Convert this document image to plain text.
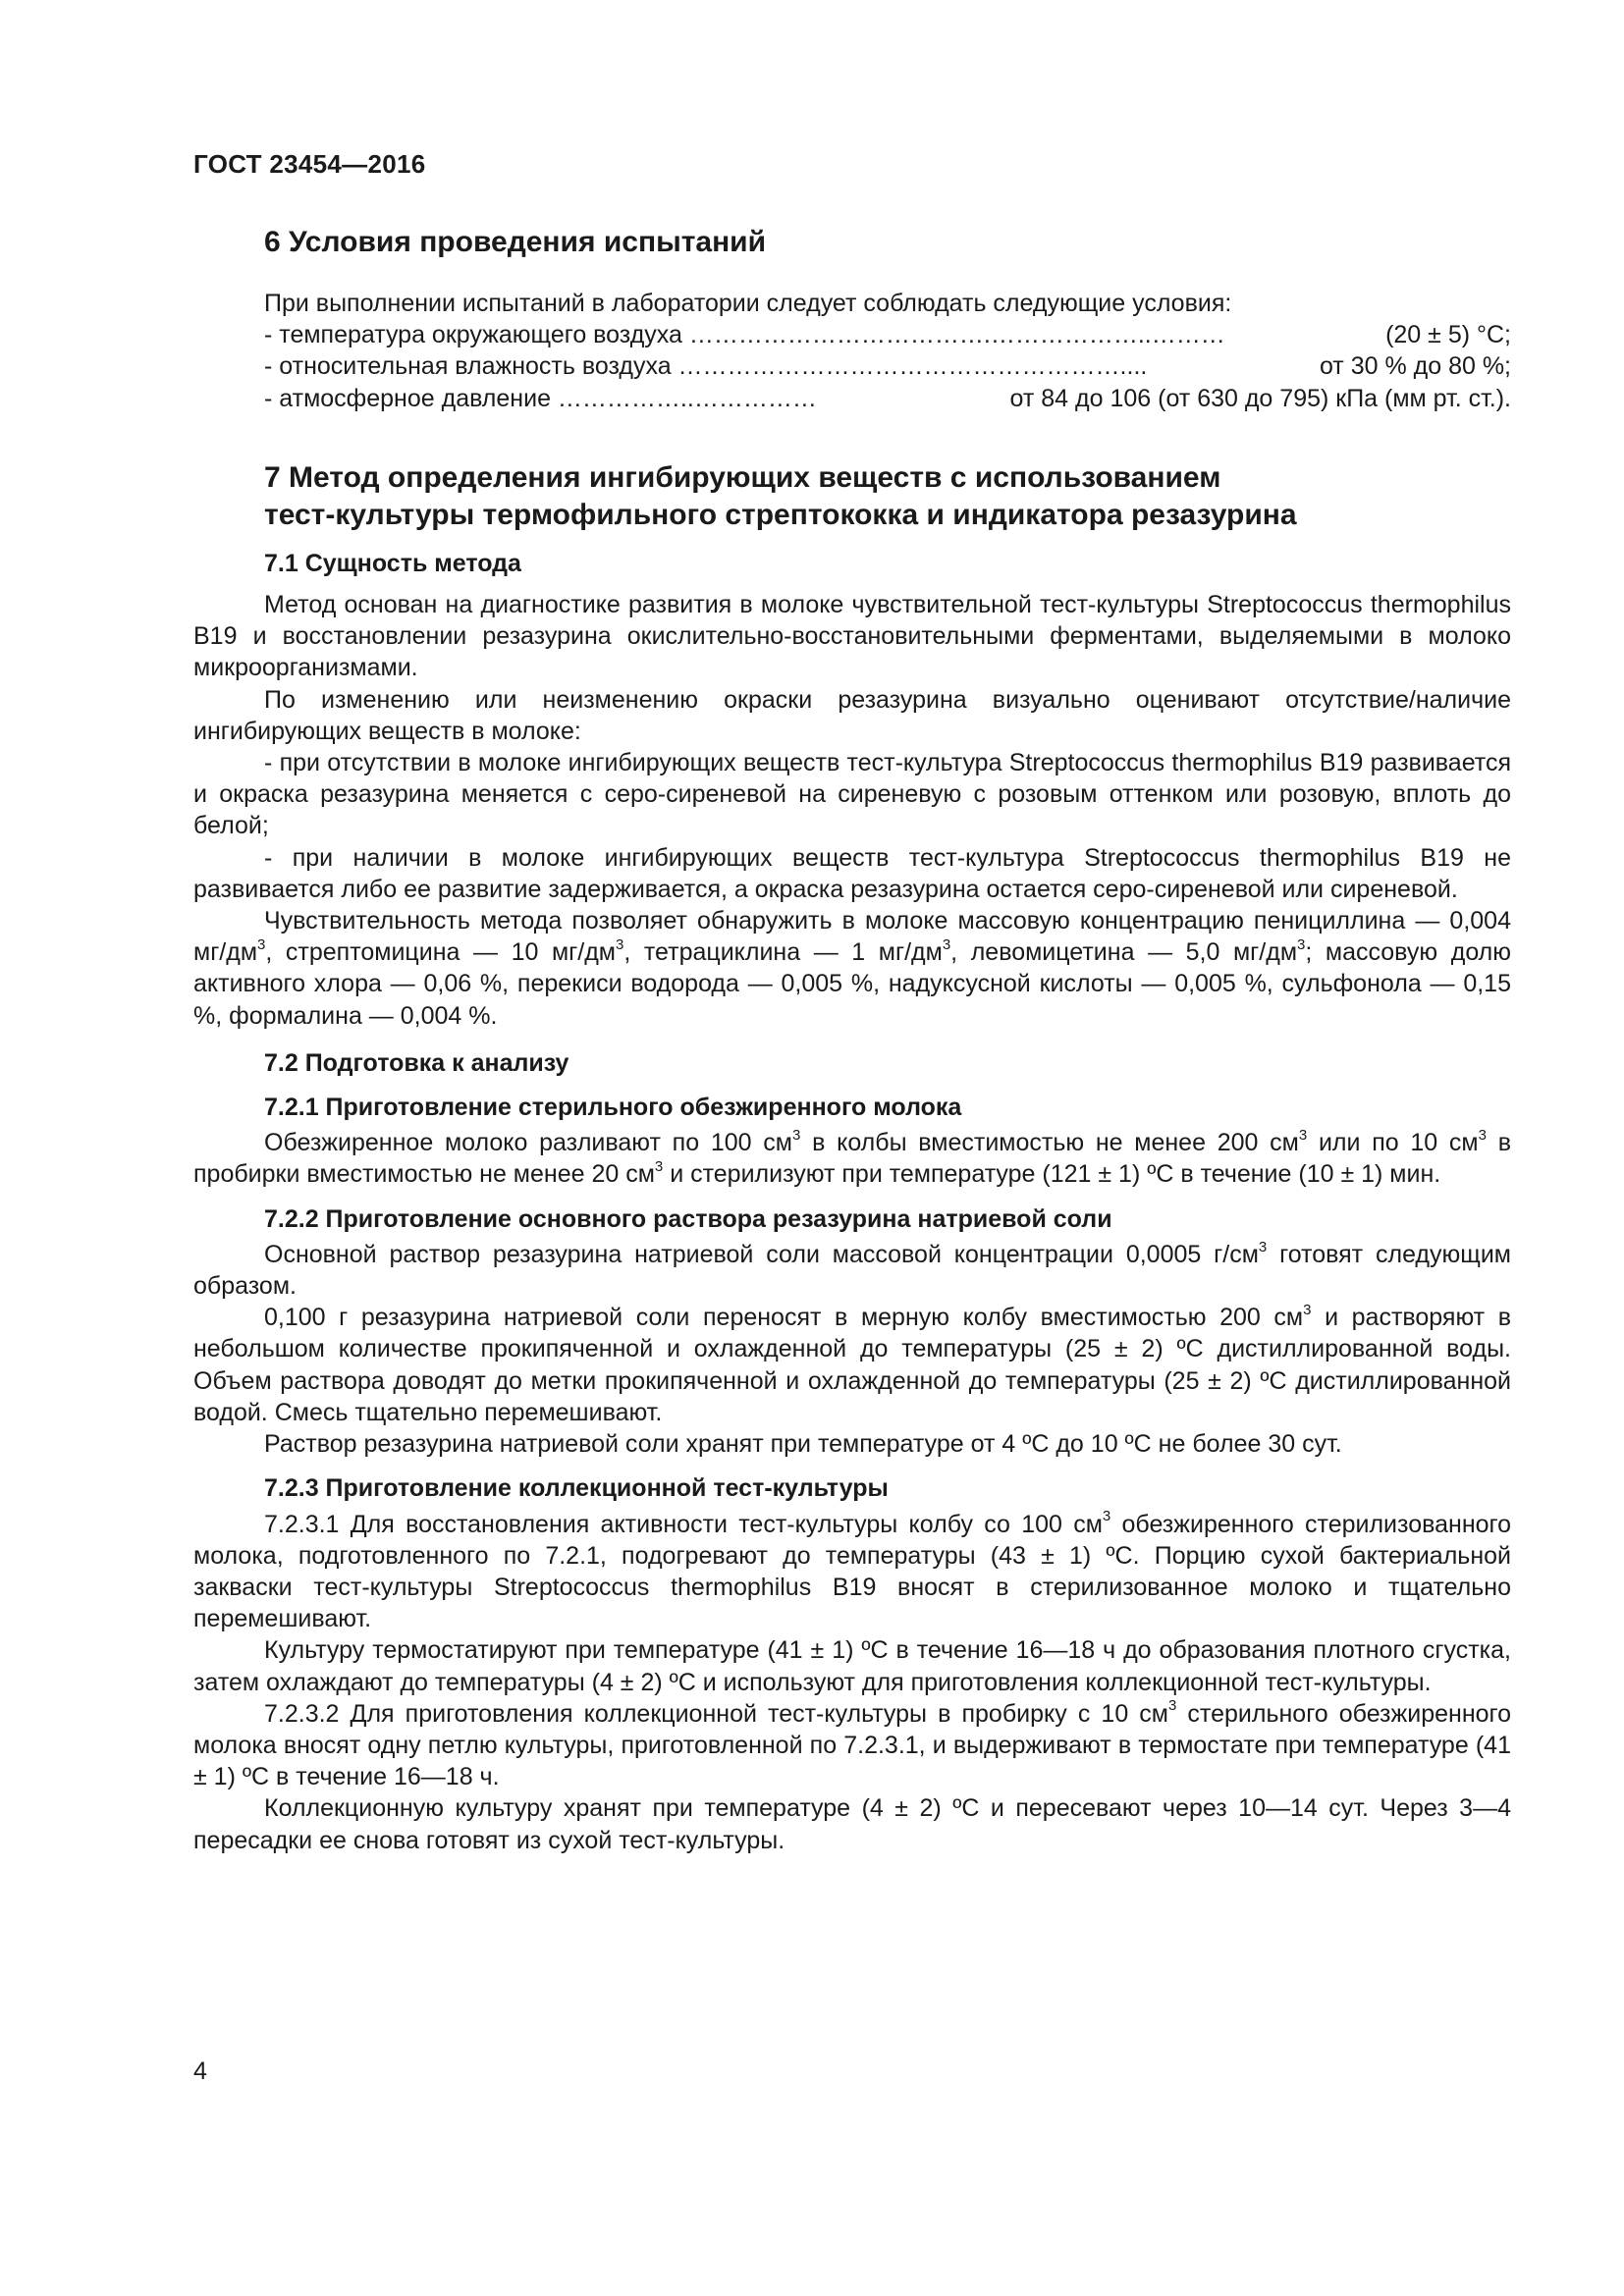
ГОСТ 23454—2016
6 Условия проведения испытаний
При выполнении испытаний в лаборатории следует соблюдать следующие условия:
- температура окружающего воздуха ……………………………….………………..………	(20 ± 5) °С;
- относительная влажность воздуха ………………………………………………....	от 30 % до 80 %;
- атмосферное давление ……………..……………	от 84 до 106 (от 630 до 795) кПа (мм рт. ст.).
7 Метод определения ингибирующих веществ с использованием
тест-культуры термофильного стрептококка и индикатора резазурина
7.1 Сущность метода

Метод основан на диагностике развития в молоке чувствительной тест-культуры Streptococcus thermophilus В19 и восстановлении резазурина окислительно-восстановительными ферментами, выделяемыми в молоко микроорганизмами.

По изменению или неизменению окраски резазурина визуально оценивают отсутствие/наличие ингибирующих веществ в молоке:

- при отсутствии в молоке ингибирующих веществ тест-культура Streptococcus thermophilus В19 развивается и окраска резазурина меняется с серо-сиреневой на сиреневую с розовым оттенком или розовую, вплоть до белой;

- при наличии в молоке ингибирующих веществ тест-культура Streptococcus thermophilus В19 не развивается либо ее развитие задерживается, а окраска резазурина остается серо-сиреневой или сиреневой.

Чувствительность метода позволяет обнаружить в молоке массовую концентрацию пенициллина — 0,004 $мг/дм^3$, стрептомицина — 10 $мг/дм^3$, тетрациклина — 1 $мг/дм^3$, левомицетина — 5,0 $мг/дм^3$; массовую долю активного хлора — 0,06 %, перекиси водорода — 0,005 %, надуксусной кислоты — 0,005 %, сульфонола — 0,15 %, формалина — 0,004 %.

7.2 Подготовка к анализу
7.2.1 Приготовление стерильного обезжиренного молока

Обезжиренное молоко разливают по 100 $см^3$ в колбы вместимостью не менее 200 $см^3$ или по 10 $см^3$ в пробирки вместимостью не менее 20 $см^3$ и стерилизуют при температуре (121 ± 1) ºС в течение (10 ± 1) мин.

7.2.2 Приготовление основного раствора резазурина натриевой соли

Основной раствор резазурина натриевой соли массовой концентрации 0,0005 $г/см^3$ готовят следующим образом.

0,100 г резазурина натриевой соли переносят в мерную колбу вместимостью 200 $см^3$ и растворяют в небольшом количестве прокипяченной и охлажденной до температуры (25 ± 2) ºС дистиллированной воды. Объем раствора доводят до метки прокипяченной и охлажденной до температуры (25 ± 2) ºС дистиллированной водой. Смесь тщательно перемешивают.

Раствор резазурина натриевой соли хранят при температуре от 4 ºС до 10 ºС не более 30 сут.

7.2.3 Приготовление коллекционной тест-культуры

7.2.3.1 Для восстановления активности тест-культуры колбу со 100 $см^3$ обезжиренного стерилизованного молока, подготовленного по 7.2.1, подогревают до температуры (43 ± 1) ºС. Порцию сухой бактериальной закваски тест-культуры Streptococcus thermophilus В19 вносят в стерилизованное молоко и тщательно перемешивают.

Культуру термостатируют при температуре (41 ± 1) ºС в течение 16—18 ч до образования плотного сгустка, затем охлаждают до температуры (4 ± 2) ºС и используют для приготовления коллекционной тест-культуры.

7.2.3.2 Для приготовления коллекционной тест-культуры в пробирку с 10 $см^3$ стерильного обезжиренного молока вносят одну петлю культуры, приготовленной по 7.2.3.1, и выдерживают в термостате при температуре (41 ± 1) ºС в течение 16—18 ч.

Коллекционную культуру хранят при температуре (4 ± 2) ºС и пересевают через 10—14 сут. Через 3—4 пересадки ее снова готовят из сухой тест-культуры.

4
